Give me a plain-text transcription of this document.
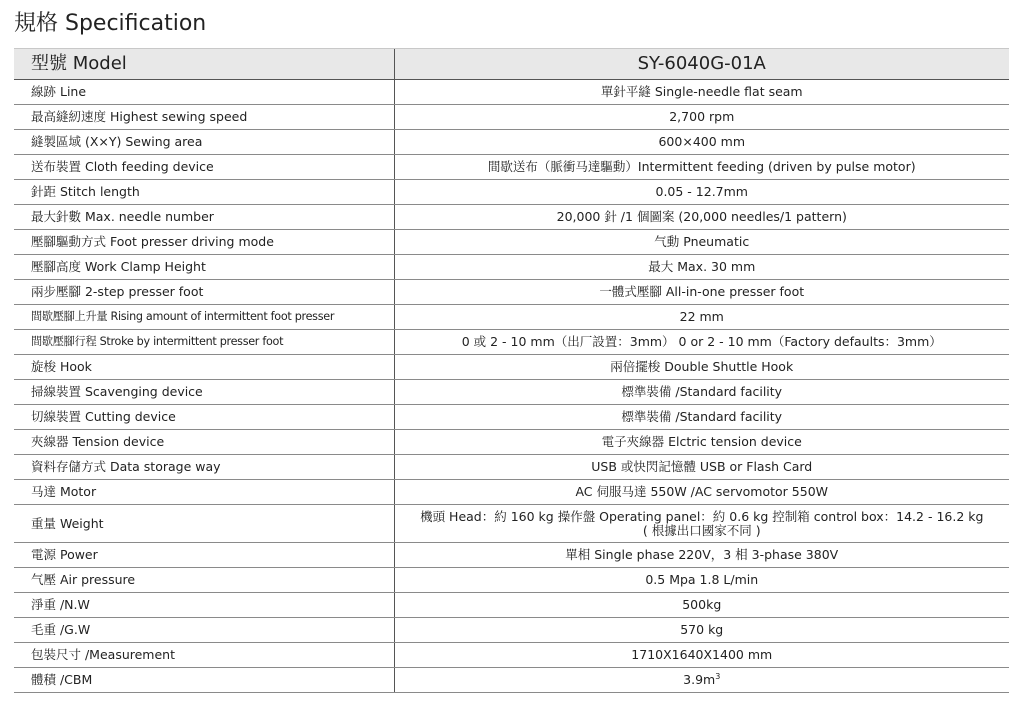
規格 Specification
型號 Model	SY-6040G-01A
線跡 Line	單針平縫 Single-needle flat seam
最高縫紉速度 Highest sewing speed	2,700 rpm
縫製區域 (X×Y) Sewing area	600×400 mm
送布裝置 Cloth feeding device	間歇送布（脈衝马達驅動）Intermittent feeding (driven by pulse motor)
針距 Stitch length	0.05 - 12.7mm
最大針數 Max. needle number	20,000 針 /1 個圖案 (20,000 needles/1 pattern)
壓腳驅動方式 Foot presser driving mode	气動 Pneumatic
壓腳高度 Work Clamp Height	最大 Max. 30 mm
兩步壓腳 2-step presser foot	一體式壓腳 All-in-one presser foot
間歇壓腳上升量 Rising amount of intermittent foot presser	22 mm
間歇壓腳行程 Stroke by intermittent presser foot	0 或 2 - 10 mm（出厂設置：3mm） 0 or 2 - 10 mm（Factory defaults：3mm）
旋梭 Hook	兩倍擺梭 Double Shuttle Hook
掃線裝置 Scavenging device	標準裝備 /Standard facility
切線裝置 Cutting device	標準裝備 /Standard facility
夾線器 Tension device	電子夾線器 Elctric tension device
資料存儲方式 Data storage way	USB 或快閃記憶體 USB or Flash Card
马達 Motor	AC 伺服马達 550W /AC servomotor 550W
重量 Weight	機頭 Head：約 160 kg 操作盤 Operating panel：約 0.6 kg 控制箱 control box：14.2 - 16.2 kg
( 根據出口國家不同 )

電源 Power	單相 Single phase 220V，3 相 3-phase 380V
气壓 Air pressure	0.5 Mpa 1.8 L/min
淨重 /N.W	500kg
毛重 /G.W	570 kg
包裝尺寸 /Measurement	1710X1640X1400 mm
體積 /CBM	$3.9m^3$
